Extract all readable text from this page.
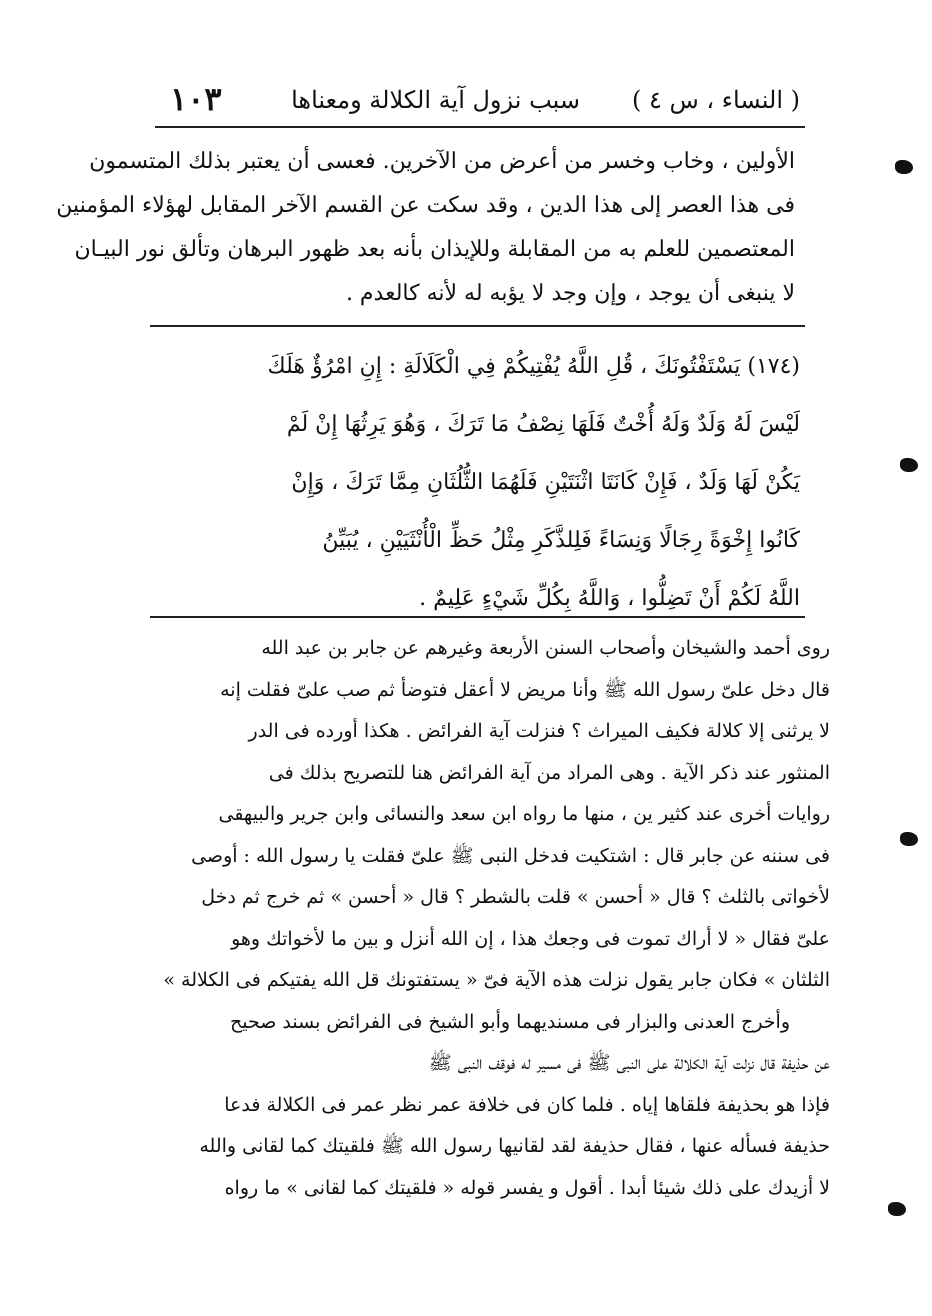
( النساء ، س ٤ )
سبب نزول آية الكلالة ومعناها
١٠٣
الأولين ، وخاب وخسر من أعرض من الآخرين. فعسى أن يعتبر بذلك المتسمون
فى هذا العصر إلى هذا الدين ، وقد سكت عن القسم الآخر المقابل لهؤلاء المؤمنين
المعتصمين للعلم به من المقابلة وللإيذان بأنه بعد ظهور البرهان وتألق نور البيـان
لا ينبغى أن يوجد ، وإن وجد لا يؤبه له لأنه كالعدم .
(١٧٤) يَسْتَفْتُونَكَ ، قُلِ اللَّهُ يُفْتِيكُمْ فِي الْكَلَالَةِ : إِنِ امْرُؤٌ هَلَكَ
لَيْسَ لَهُ وَلَدٌ وَلَهُ أُخْتٌ فَلَهَا نِصْفُ مَا تَرَكَ ، وَهُوَ يَرِثُهَا إِنْ لَمْ
يَكُنْ لَهَا وَلَدٌ ، فَإِنْ كَانَتَا اثْنَتَيْنِ فَلَهُمَا الثُّلُثَانِ مِمَّا تَرَكَ ، وَإِنْ
كَانُوا إِخْوَةً رِجَالًا وَنِسَاءً فَلِلذَّكَرِ مِثْلُ حَظِّ الْأُنْثَيَيْنِ ، يُبَيِّنُ
اللَّهُ لَكُمْ أَنْ تَضِلُّوا ، وَاللَّهُ بِكُلِّ شَيْءٍ عَلِيمٌ .
روى أحمد والشيخان وأصحاب السنن الأربعة وغيرهم عن جابر بن عبد الله
قال دخل علىّ رسول الله ﷺ وأنا مريض لا أعقل فتوضأ ثم صب علىّ فقلت إنه
لا يرثنى إلا كلالة فكيف الميراث ؟ فنزلت آية الفرائض . هكذا أورده فى الدر
المنثور عند ذكر الآية . وهى المراد من آية الفرائض هنا للتصريح بذلك فى
روايات أخرى عند كثير ين ، منها ما رواه ابن سعد والنسائى وابن جرير والبيهقى
فى سننه عن جابر قال : اشتكيت فدخل النبى ﷺ علىّ فقلت يا رسول الله : أوصى
لأخواتى بالثلث ؟ قال « أحسن » قلت بالشطر ؟ قال « أحسن » ثم خرج ثم دخل
علىّ فقال « لا أراك تموت فى وجعك هذا ، إن الله أنزل و بين ما لأخواتك وهو
الثلثان » فكان جابر يقول نزلت هذه الآية فىّ « يستفتونك قل الله يفتيكم فى الكلالة »
وأخرج العدنى والبزار فى مسنديهما وأبو الشيخ فى الفرائض بسند صحيح
عن حذيفة قال نزلت آية الكلالة على النبى ﷺ فى مسير له فوقف النبى ﷺ
فإذا هو بحذيفة فلقاها إياه . فلما كان فى خلافة عمر نظر عمر فى الكلالة فدعا
حذيفة فسأله عنها ، فقال حذيفة لقد لقانيها رسول الله ﷺ فلقيتك كما لقانى والله
لا أزيدك على ذلك شيئا أبدا . أقول و يفسر قوله « فلقيتك كما لقانى » ما رواه
